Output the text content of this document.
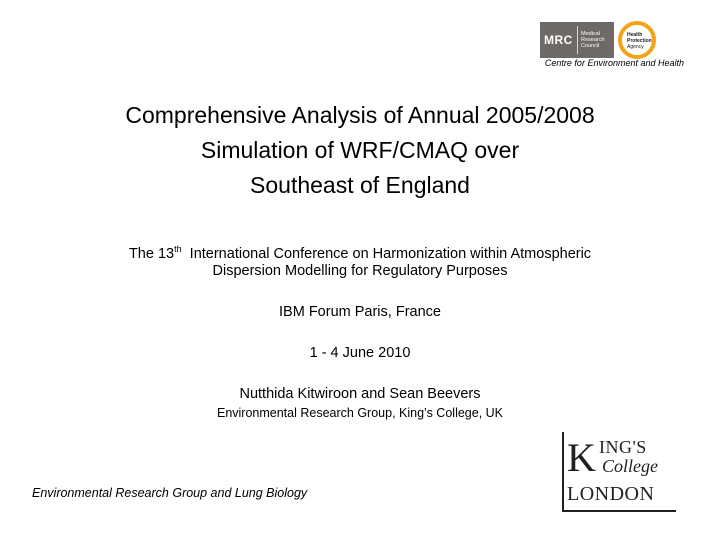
MRC Medical
Research
Council
Health
Protection
Agency
Centre for Environment and Health
Comprehensive Analysis of Annual 2005/2008
Simulation of WRF/CMAQ over
Southeast of England
The 13th International Conference on Harmonization within Atmospheric
Dispersion Modelling for Regulatory Purposes
IBM Forum Paris, France
1 - 4 June 2010
Nutthida Kitwiroon and Sean Beevers
Environmental Research Group, King’s College, UK
K ING'S
College
LONDON
Environmental Research Group and Lung Biology
